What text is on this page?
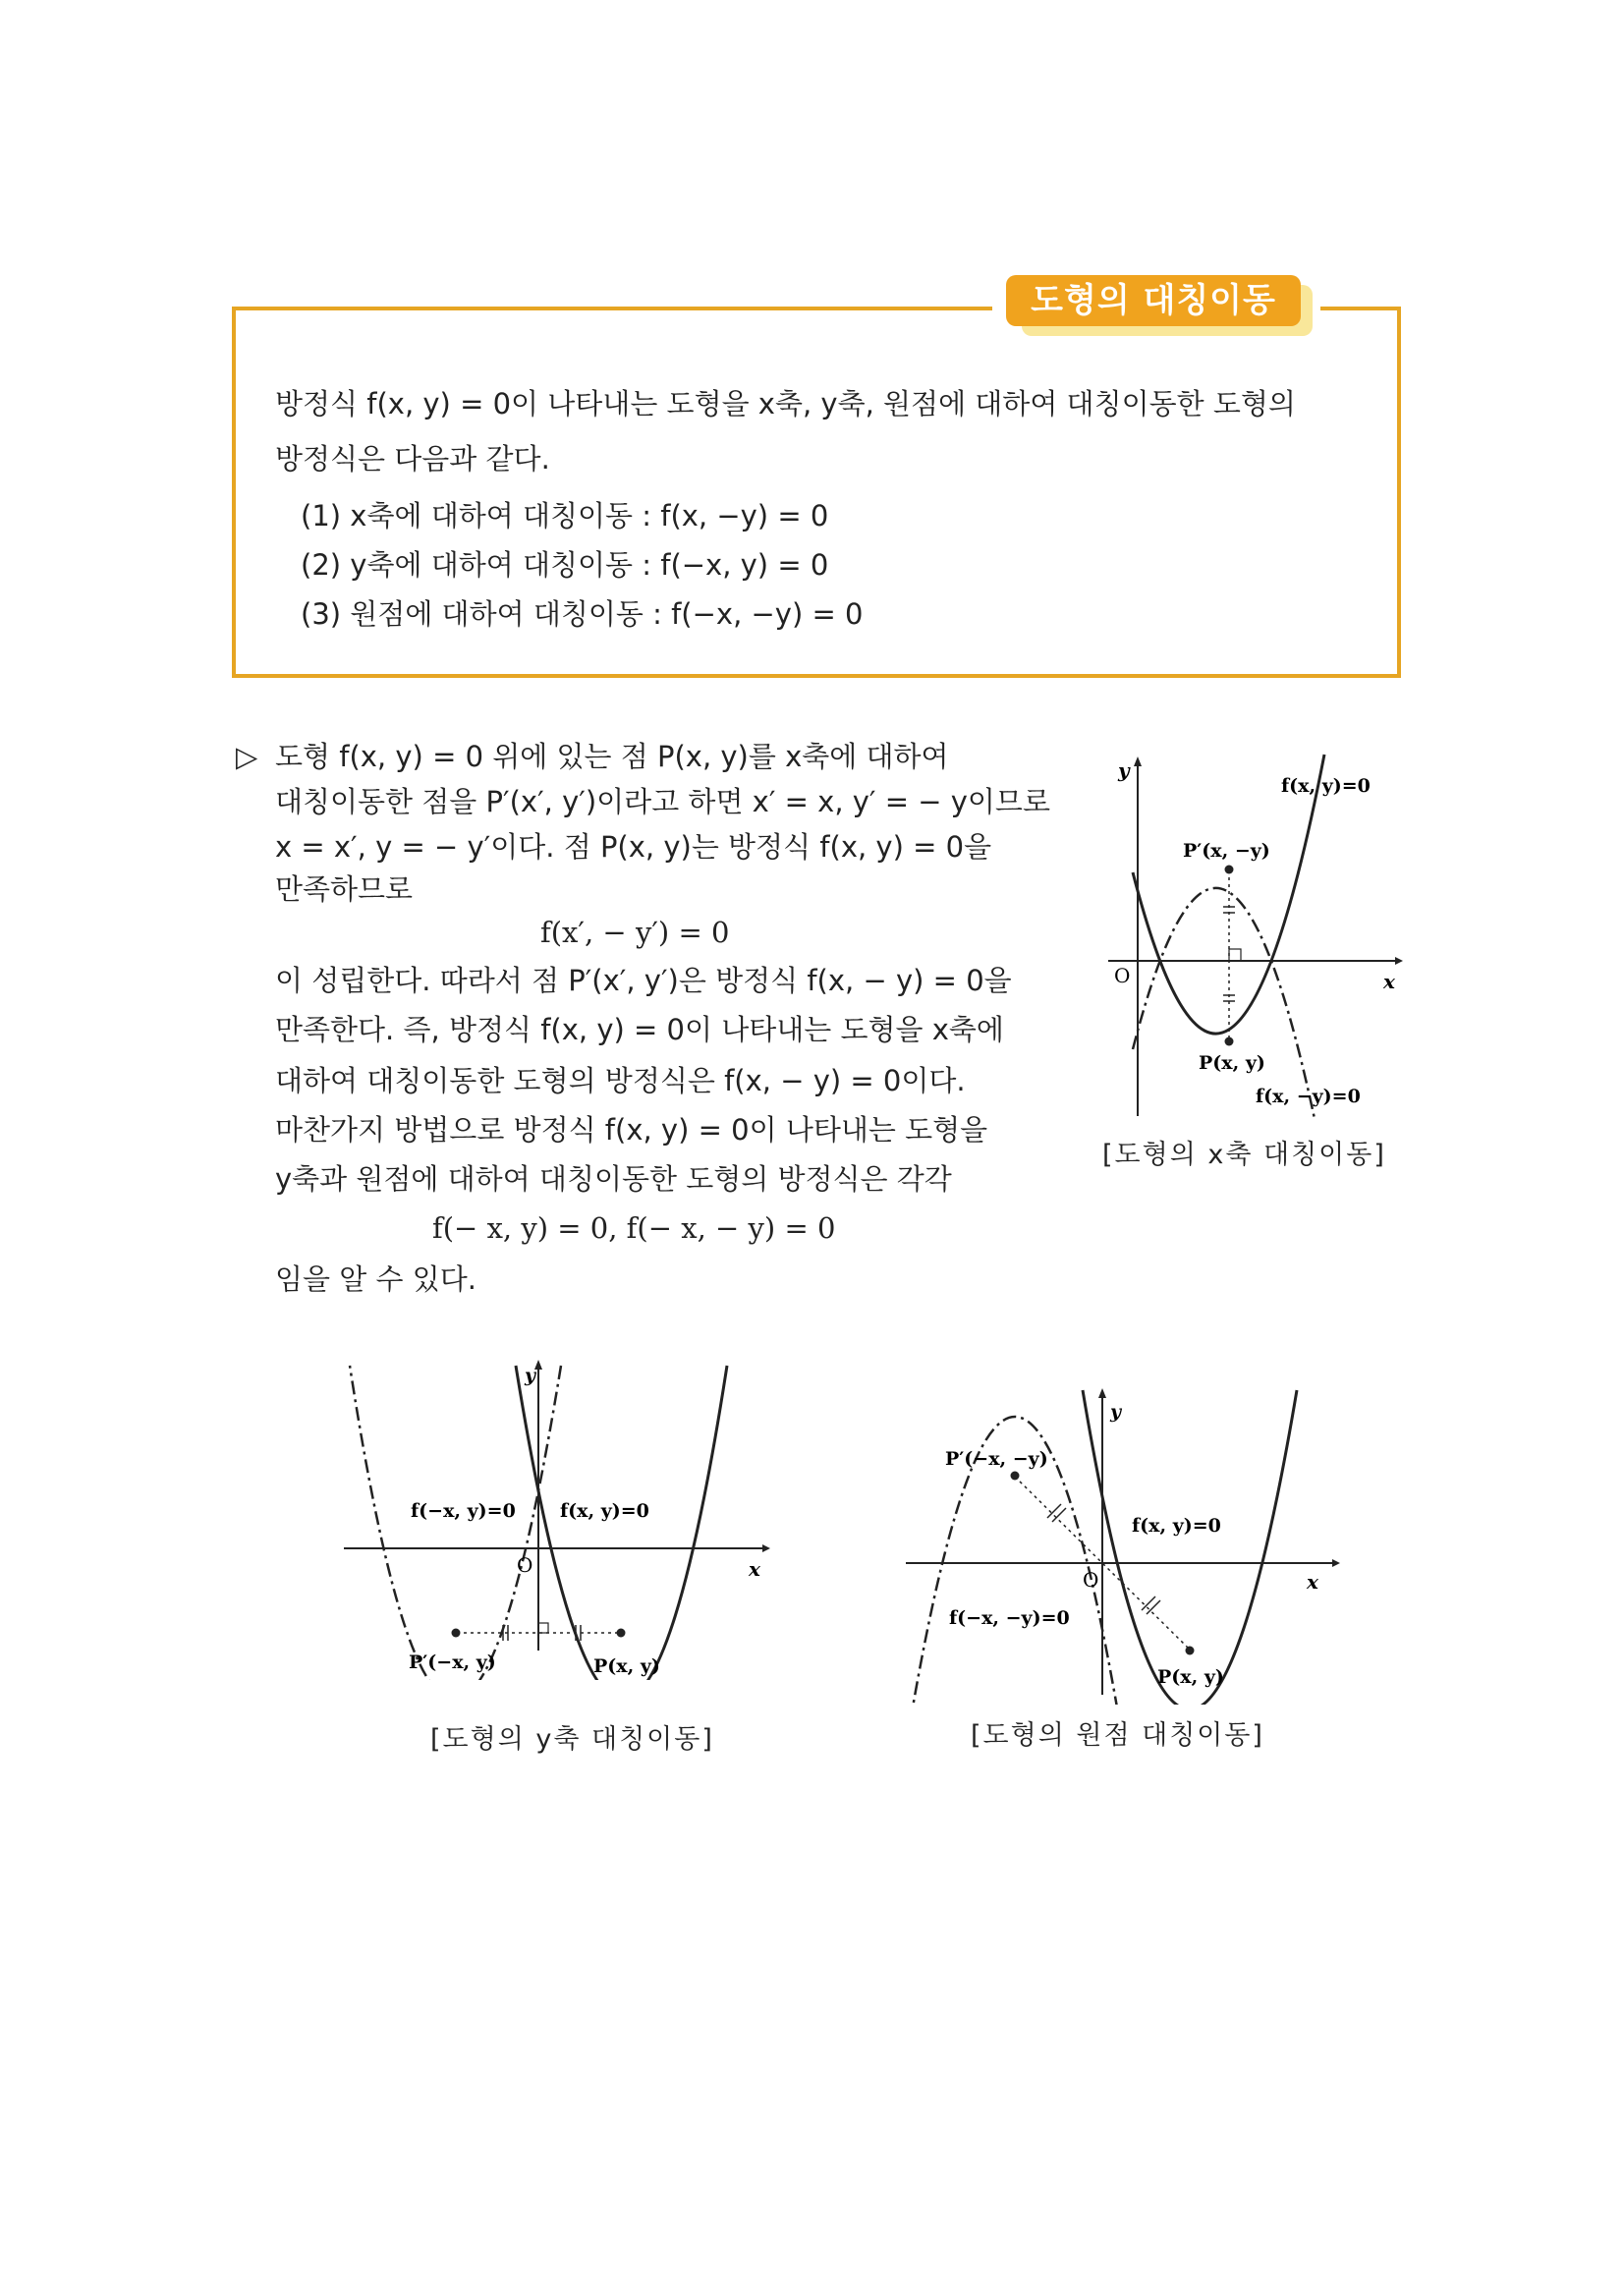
도형의 대칭이동
방정식 f(x, y) = 0이 나타내는 도형을 x축, y축, 원점에 대하여 대칭이동한 도형의
방정식은 다음과 같다.
(1) x축에 대하여 대칭이동 : f(x, −y) = 0
(2) y축에 대하여 대칭이동 : f(−x, y) = 0
(3) 원점에 대하여 대칭이동 : f(−x, −y) = 0
▷ 도형 f(x, y) = 0 위에 있는 점 P(x, y)를 x축에 대하여
대칭이동한 점을 P′(x′, y′)이라고 하면 x′ = x, y′ = − y이므로
x = x′, y = − y′이다. 점 P(x, y)는 방정식 f(x, y) = 0을
만족하므로
f(x′, − y′) = 0
이 성립한다. 따라서 점 P′(x′, y′)은 방정식 f(x, − y) = 0을
만족한다. 즉, 방정식 f(x, y) = 0이 나타내는 도형을 x축에
대하여 대칭이동한 도형의 방정식은 f(x, − y) = 0이다.
마찬가지 방법으로 방정식 f(x, y) = 0이 나타내는 도형을
y축과 원점에 대하여 대칭이동한 도형의 방정식은 각각
f(− x, y) = 0, f(− x, − y) = 0
임을 알 수 있다.
y
x
O
f(x, y)=0
P′(x, −y)
P(x, y)
f(x, −y)=0
[도형의 x축 대칭이동]
y
x
O
f(−x, y)=0 f(x, y)=0
P′(−x, y)	P(x, y)
[도형의 y축 대칭이동]
y
x
O
P′(−x, −y)
f(x, y)=0
f(−x, −y)=0
P(x, y)
[도형의 원점 대칭이동]
